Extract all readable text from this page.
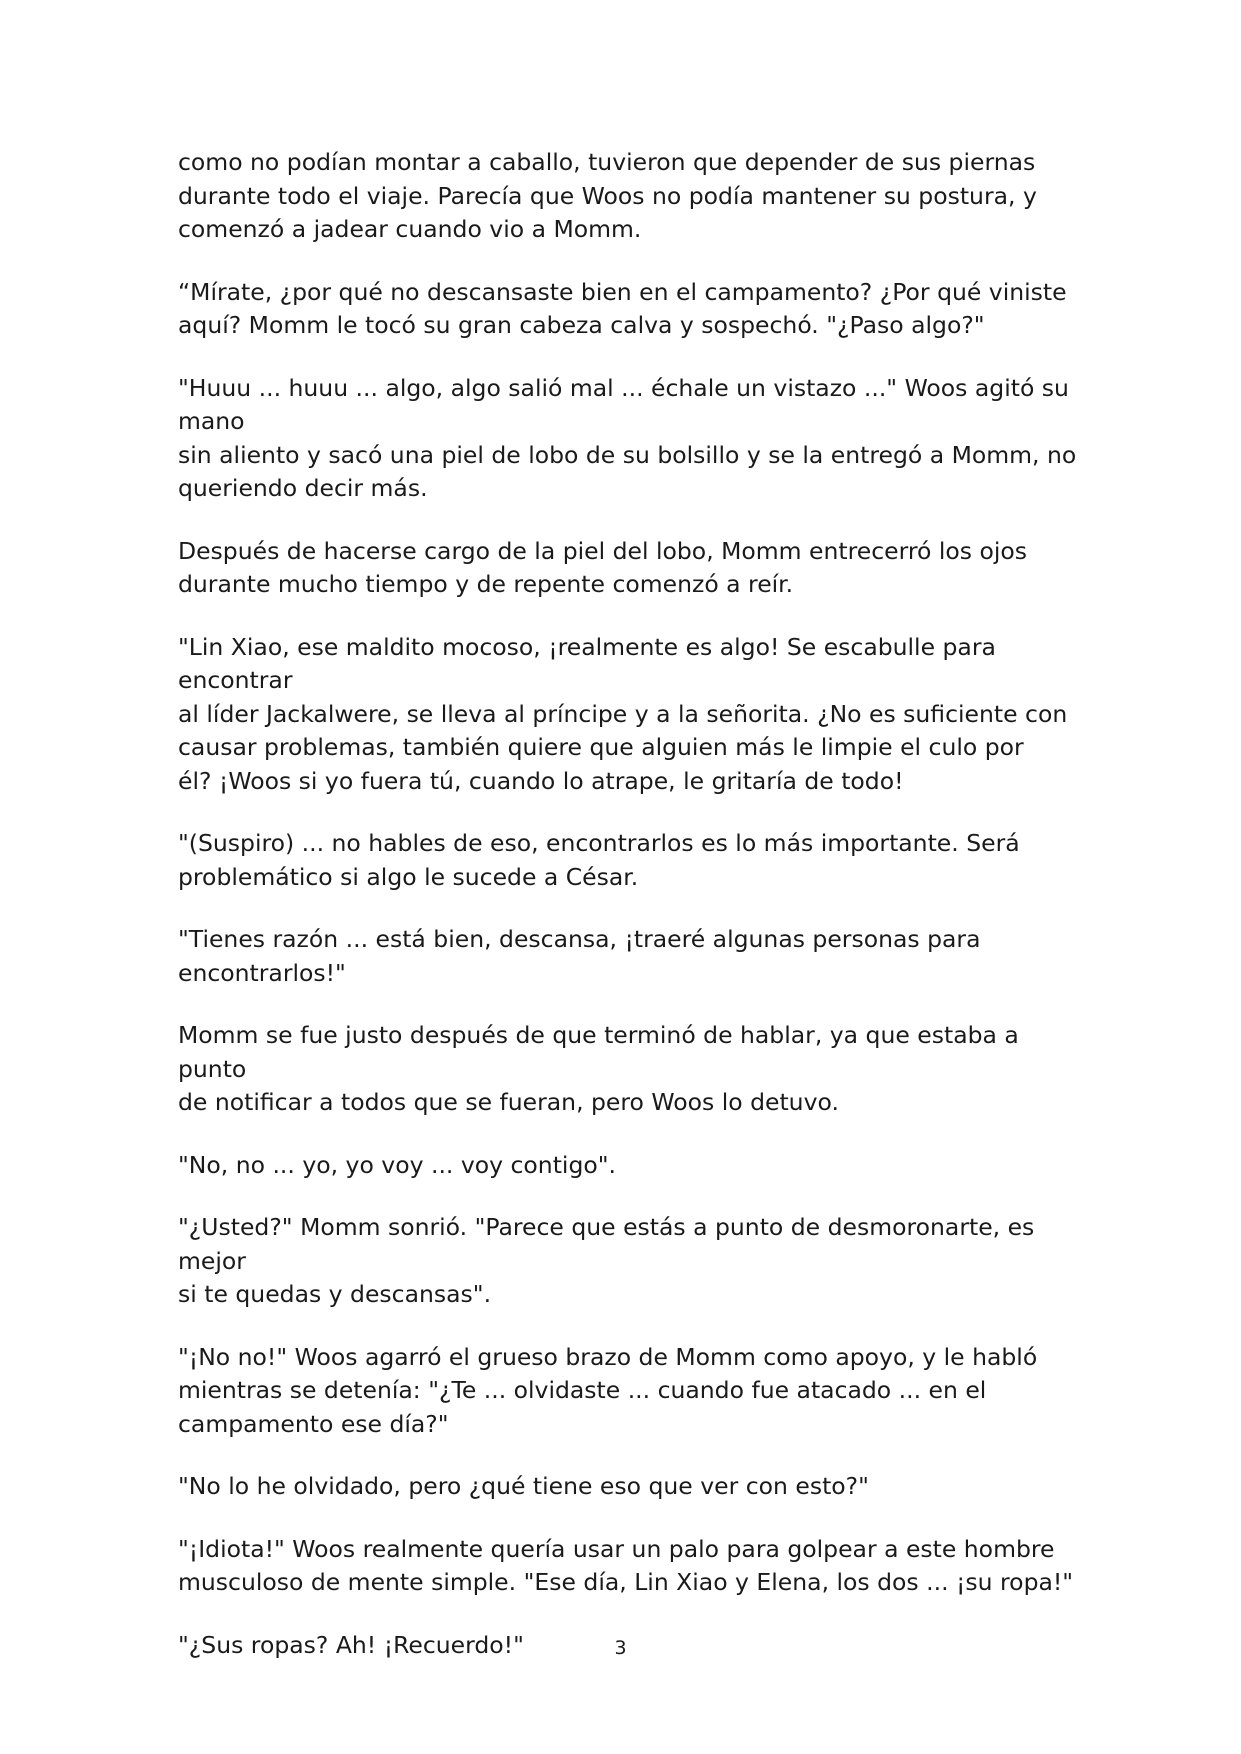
como no podían montar a caballo, tuvieron que depender de sus piernas
durante todo el viaje. Parecía que Woos no podía mantener su postura, y
comenzó a jadear cuando vio a Momm.

“Mírate, ¿por qué no descansaste bien en el campamento? ¿Por qué viniste
aquí? Momm le tocó su gran cabeza calva y sospechó. "¿Paso algo?"

"Huuu ... huuu ... algo, algo salió mal ... échale un vistazo ..." Woos agitó su mano
sin aliento y sacó una piel de lobo de su bolsillo y se la entregó a Momm, no
queriendo decir más.

Después de hacerse cargo de la piel del lobo, Momm entrecerró los ojos
durante mucho tiempo y de repente comenzó a reír.

"Lin Xiao, ese maldito mocoso, ¡realmente es algo! Se escabulle para encontrar
al líder Jackalwere, se lleva al príncipe y a la señorita. ¿No es suficiente con
causar problemas, también quiere que alguien más le limpie el culo por
él? ¡Woos si yo fuera tú, cuando lo atrape, le gritaría de todo!

"(Suspiro) ... no hables de eso, encontrarlos es lo más importante. Será
problemático si algo le sucede a César.

"Tienes razón ... está bien, descansa, ¡traeré algunas personas para
encontrarlos!"

Momm se fue justo después de que terminó de hablar, ya que estaba a punto
de notificar a todos que se fueran, pero Woos lo detuvo.

"No, no ... yo, yo voy ... voy contigo".

"¿Usted?" Momm sonrió. "Parece que estás a punto de desmoronarte, es mejor
si te quedas y descansas".

"¡No no!" Woos agarró el grueso brazo de Momm como apoyo, y le habló
mientras se detenía: "¿Te ... olvidaste ... cuando fue atacado ... en el
campamento ese día?"

"No lo he olvidado, pero ¿qué tiene eso que ver con esto?"

"¡Idiota!" Woos realmente quería usar un palo para golpear a este hombre
musculoso de mente simple. "Ese día, Lin Xiao y Elena, los dos ... ¡su ropa!"

"¿Sus ropas? Ah! ¡Recuerdo!"	3
